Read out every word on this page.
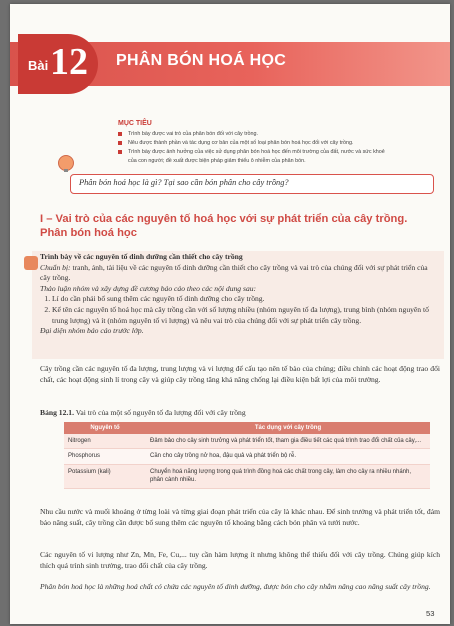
Bài 12 PHÂN BÓN HOÁ HỌC
MỤC TIÊU
Trình bày được vai trò của phân bón đối với cây trồng.
Nêu được thành phần và tác dụng cơ bản của một số loại phân bón hoá học đối với cây trồng.
Trình bày được ảnh hưởng của việc sử dụng phân bón hoá học đến môi trường của đất, nước và sức khoẻ
của con người; đề xuất được biện pháp giảm thiểu ô nhiễm của phân bón.
Phân bón hoá học là gì? Tại sao cần bón phân cho cây trồng?
I – Vai trò của các nguyên tố hoá học với sự phát triển của cây trồng.
Phân bón hoá học
Trình bày về các nguyên tố dinh dưỡng cần thiết cho cây trồng
Chuẩn bị: tranh, ảnh, tài liệu về các nguyên tố dinh dưỡng cần thiết cho cây trồng và vai trò của chúng đối với sự phát triển của cây trồng.
Thảo luận nhóm và xây dựng đề cương báo cáo theo các nội dung sau:
1. Lí do cần phải bổ sung thêm các nguyên tố dinh dưỡng cho cây trồng.
2. Kể tên các nguyên tố hoá học mà cây trồng cần với số lượng nhiều (nhóm nguyên tố đa lượng), trung bình (nhóm nguyên tố trung lượng) và ít (nhóm nguyên tố vi lượng) và nêu vai trò của chúng đối với sự phát triển cây trồng.
Đại diện nhóm báo cáo trước lớp.
Cây trồng cần các nguyên tố đa lượng, trung lượng và vi lượng để cấu tạo nên tế bào của chúng; điều chỉnh các hoạt động trao đổi chất, các hoạt động sinh lí trong cây và giúp cây trồng tăng khả năng chống lại điều kiện bất lợi của môi trường.
Bảng 12.1. Vai trò của một số nguyên tố đa lượng đối với cây trồng
Nguyên tố	Tác dụng với cây trồng
Nitrogen	Đảm bảo cho cây sinh trưởng và phát triển tốt, tham gia điều tiết các quá trình trao đổi chất của cây,...
Phosphorus	Cần cho cây trồng nở hoa, đậu quả và phát triển bộ rễ.
Potassium (kali)	Chuyển hoá năng lượng trong quá trình đồng hoá các chất trong cây, làm cho cây ra nhiều nhánh, phân cành nhiều.
Nhu cầu nước và muối khoáng ở từng loài và từng giai đoạn phát triển của cây là khác nhau. Để sinh trưởng và phát triển tốt, đảm bảo năng suất, cây trồng cần được bổ sung thêm các nguyên tố khoáng bằng cách bón phân và tưới nước.
Các nguyên tố vi lượng như Zn, Mn, Fe, Cu,... tuy cần hàm lượng ít nhưng không thể thiếu đối với cây trồng. Chúng giúp kích thích quá trình sinh trưởng, trao đổi chất của cây trồng.
Phân bón hoá học là những hoá chất có chứa các nguyên tố dinh dưỡng, được bón cho cây nhằm nâng cao năng suất cây trồng.
53
